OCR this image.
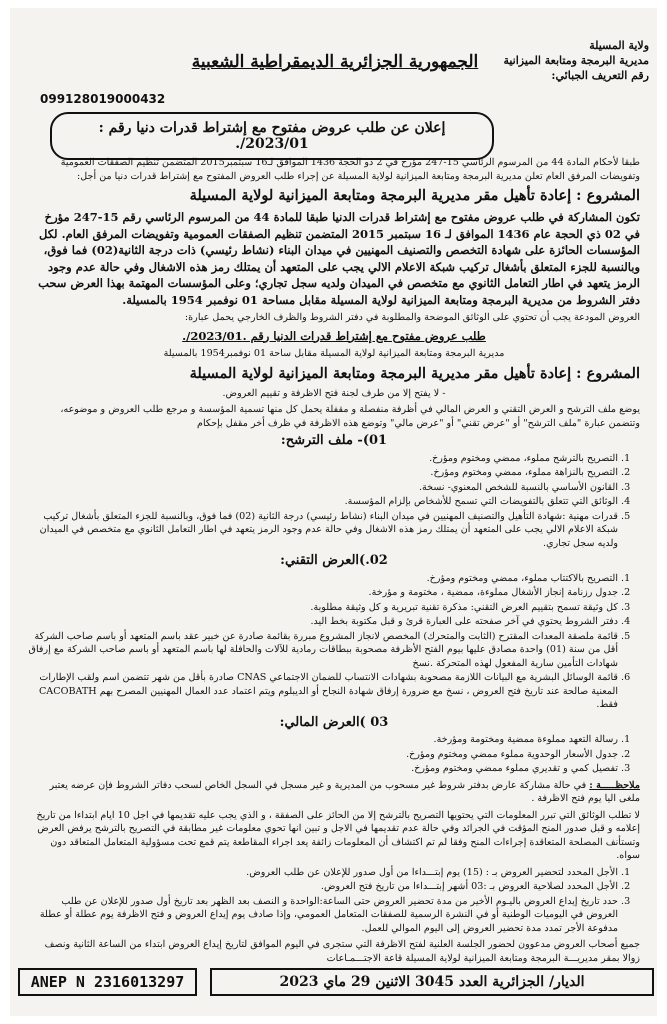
ولاية المسيلة
مديرية البرمجة ومتابعة الميزانية
رقم التعريف الجبائي:
الجمهورية الجزائرية الديمقراطية الشعبية
099128019000432
إعلان عن طلب عروض مفتوح مع إشتراط قدرات دنيا رقم : 2023/01/.

طبقا لأحكام المادة 44 من المرسوم الرئاسي 15-247 مؤرخ في 2 ذو الحجة 1436 الموافق لـ16 سبتمبر2015 المتضمن تنظيم الصفقات العمومية وتفويضات المرفق العام تعلن مديرية البرمجة ومتابعة الميزانية لولاية المسيلة عن إجراء طلب العروض المفتوح مع إشتراط قدرات دنيا من أجل:

المشروع : إعادة تأهيل مقر مديرية البرمجة ومتابعة الميزانية لولاية المسيلة

تكون المشاركة في طلب عروض مفتوح مع إشتراط قدرات الدنيا طبقا للمادة 44 من المرسوم الرئاسي رقم 15-247 مؤرخ في 02 ذي الحجة عام 1436 الموافق لـ 16 سبتمبر 2015 المتضمن تنظيم الصفقات العمومية وتفويضات المرفق العام. لكل المؤسسات الحائزة على شهادة التخصص والتصنيف المهنيين في ميدان البناء (نشاط رئيسي) ذات درجة الثانية(02) فما فوق، وبالنسبة للجزء المتعلق بأشغال تركيب شبكة الاعلام الالي يجب على المتعهد أن يمتلك رمز هذه الاشغال وفي حالة عدم وجود الرمز يتعهد في اطار التعامل الثانوي مع متخصص في الميدان ولديه سجل تجاري؛ وعلى المؤسسات المهتمة بهذا العرض سحب دفتر الشروط من مديرية البرمجة ومتابعة الميزانية لولاية المسيلة مقابل مساحة 01 نوفمبر 1954 بالمسيلة.

العروض المودعة يجب أن تحتوي على الوثائق الموضحة والمطلوبة في دفتر الشروط والظرف الخارجي يحمل عبارة:

طلب عروض مفتوح مع إشتراط قدرات الدنيا رقم .2023/01/.

مديرية البرمجة ومتابعة الميزانية لولاية المسيلة مقابل ساحة 01 نوفمبر1954 بالمسيلة

المشروع : إعادة تأهيل مقر مديرية البرمجة ومتابعة الميزانية لولاية المسيلة

- لا يفتح إلا من طرف لجنة فتح الاظرفة و تقييم العروض.

يوضع ملف الترشح و العرض التقني و العرض المالي في أظرفة منفصلة و مقفلة يحمل كل منها تسمية المؤسسة و مرجع طلب العروض و موضوعه، وتتضمن عبارة "ملف الترشح" أو "عرض تقني" أو "عرض مالي" وتوضع هذه الاظرفة في ظرف أخر مقفل بإحكام

01)- ملف الترشح:
1. التصريح بالترشح مملوء، ممضي ومختوم ومؤرخ.
2. التصريح بالنزاهة مملوء، ممضي ومختوم ومؤرخ.
3. القانون الأساسي بالنسبة للشخص المعنوي- نسخة.
4. الوثائق التي تتعلق بالتفويضات التي تسمح للأشخاص بإلزام المؤسسة.
5. قدرات مهنية :شهادة التأهيل والتصنيف المهنيين في ميدان البناء (نشاط رئيسي) درجة الثانية (02) فما فوق، وبالنسبة للجزء المتعلق بأشغال تركيب شبكة الاعلام الالي يجب على المتعهد أن يمتلك رمز هذه الاشغال وفي حالة عدم وجود الرمز يتعهد في اطار التعامل الثانوي مع متخصص في الميدان ولديه سجل تجاري.
02.)العرض التقني:
1. التصريح بالاكتتاب مملوء، ممضي ومختوم ومؤرخ.
2. جدول رزنامة إنجاز الأشغال مملوءة، ممضية ، مختومة و مؤرخة.
3. كل وثيقة تسمح بتقييم العرض التقني: مذكرة تقنية تبريرية و كل وثيقة مطلوبة.
4. دفتر الشروط يحتوي في آخر صفحته على العبارة قرئ و قبل مكتوبة بخط اليد.
5. قائمة ملصقة المعدات المقترح (الثابت والمتحرك) المخصص لانجاز المشروع مبررة بقائمة صادرة عن خبير عقد باسم المتعهد أو باسم صاحب الشركة أقل من سنة (01) واحدة مصادق عليها بيوم الفتح الأظرفة مصحوبة ببطاقات رمادية للآلات والحافلة لها باسم المتعهد أو باسم صاحب الشركة مع إرفاق شهادات التأمين سارية المفعول لهذه المتحركة .نسخ
6. قائمة الوسائل البشرية مع البيانات اللازمة مصحوبة بشهادات الانتساب للضمان الاجتماعي CNAS صادرة بأقل من شهر تتضمن اسم ولقب الإطارات المعنية صالحة عند تاريخ فتح العروض ، نسخ مع ضرورة إرفاق شهادة النجاح أو الديبلوم ويتم اعتماد عدد العمال المهنيين المصرح بهم CACOBATH فقط.
03 )العرض المالي:
1. رسالة التعهد مملوءة ممضية ومختومة ومؤرخة.
2. جدول الأسعار الوحدوية مملوء ممضي ومختوم ومؤرخ.
3. تفصيل كمي و تقديري مملوء ممضي ومختوم ومؤرخ.

ملاحظـــــة : في حالة مشاركة عارض بدفتر شروط غير مسحوب من المديرية و غير مسجل في السجل الخاص لسحب دفاتر الشروط فإن عرضه يعتبر ملغى اليا يوم فتح الاظرفة .

لا تطلب الوثائق التي تبرر المعلومات التي يحتويها التصريح بالترشح إلا من الحائز على الصفقة ، و الذي يجب عليه تقديمها في اجل 10 ايام ابتداءا من تاريخ إعلامه و قبل صدور المنح المؤقت في الجرائد وفي حالة عدم تقديمها في الاجل و تبين انها تحوي معلومات غير مطابقة في التصريح بالترشح يرفض العرض وتستأنف المصلحة المتعاقدة إجراءات المنح وفقا لم تم اكتشاف أن المعلومات زائفة يعد اجراء المقاطعة يتم قمع تحت مسؤولية المتعامل المتعاقد دون سواه.

1. الأجل المحدد لتحضير العروض بـ : (15) يوم إبتـــداءا من أول صدور للإعلان عن طلب العروض.
2. الأجل المحدد لصلاحية العروض بـ :03 أشهر إبتـــداءا من تاريخ فتح العروض.
3. حدد تاريخ إيداع العروض باليـوم الأخير من مدة تحضير العروض حتى الساعة:الواحدة و النصف بعد الظهر بعد تاريخ أول صدور للإعلان عن طلب العروض في اليوميات الوطنية أو في النشرة الرسمية للصفقات المتعامل العمومي، وإذا صادف يوم إيداع العروض و فتح الاظرفة يوم عطلة أو عطلة مدفوعة الأجر تمدد مدة تحضير العروض إلى اليوم الموالي للعمل.

جميع أصحاب العروض مدعوون لحضور الجلسة العلنية لفتح الاظرفة التي ستجرى في اليوم الموافق لتاريخ إيداع العروض ابتداء من الساعة الثانية ونصف زوالا بمقر مديريـــة البرمجة ومتابعة الميزانية لولاية المسيلة قاعة الاجتـــمـاعات

ANEP N 2316013297	الديار/ الجزائرية العدد 3045 الاثنين 29 ماي 2023
